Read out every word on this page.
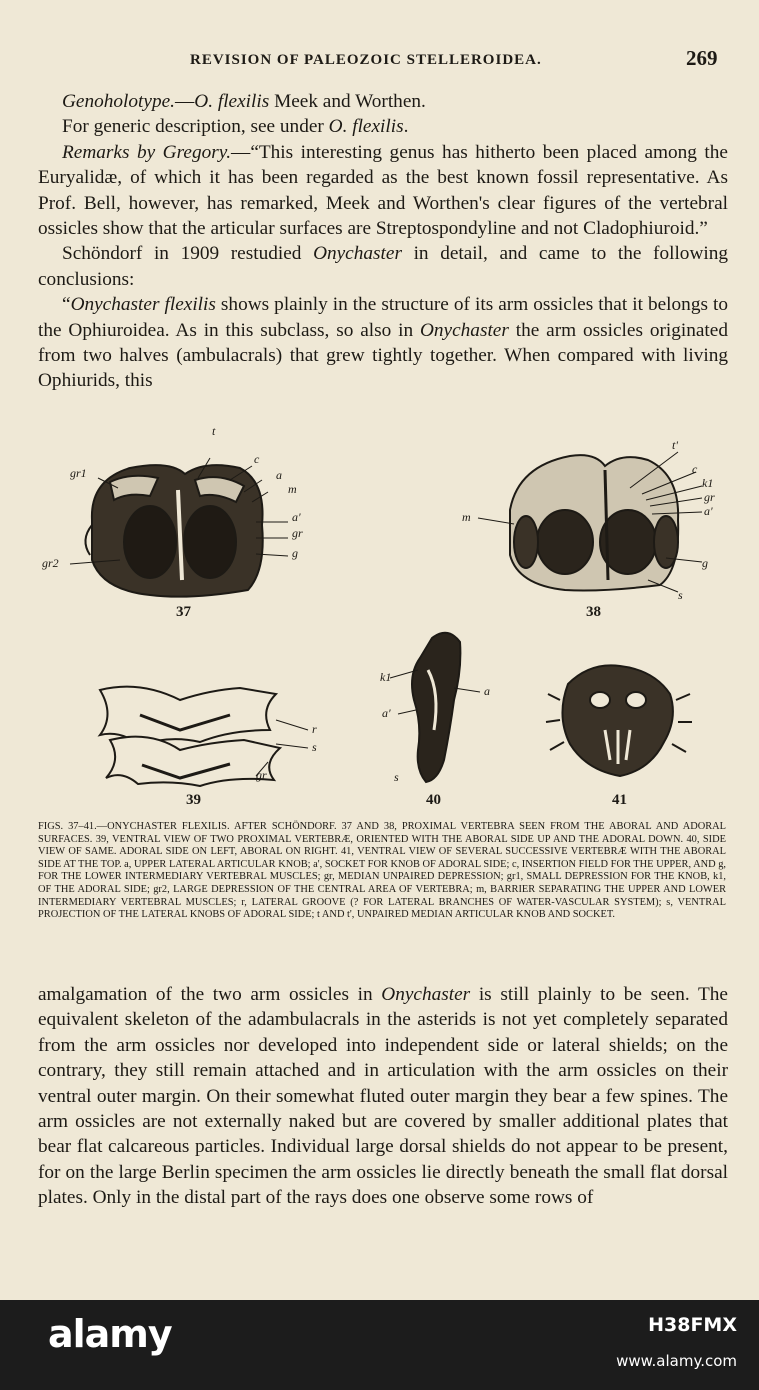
REVISION OF PALEOZOIC STELLEROIDEA.	269

Genoholotype.—O. flexilis Meek and Worthen.

For generic description, see under O. flexilis.

Remarks by Gregory.—“This interesting genus has hitherto been placed among the Euryalidæ, of which it has been regarded as the best known fossil representative. As Prof. Bell, however, has remarked, Meek and Worthen's clear figures of the vertebral ossicles show that the articular surfaces are Streptospondyline and not Cladophiuroid.”

Schöndorf in 1909 restudied Onychaster in detail, and came to the following conclusions:

“Onychaster flexilis shows plainly in the structure of its arm ossicles that it belongs to the Ophiuroidea. As in this subclass, so also in Onychaster the arm ossicles originated from two halves (ambulacrals) that grew tightly together. When compared with living Ophiurids, this

t
gr1
c
a
m
a'
gr
g
gr2
37
t'
c
k1
gr
a'
m
g
s
38
r
s
gr
39
k1
a
a'
s
40	41
FIGS. 37–41.—ONYCHASTER FLEXILIS. AFTER SCHÖNDORF. 37 AND 38, PROXIMAL VERTEBRA SEEN FROM THE ABORAL AND ADORAL SURFACES. 39, VENTRAL VIEW OF TWO PROXIMAL VERTEBRÆ, ORIENTED WITH THE ABORAL SIDE UP AND THE ADORAL DOWN. 40, SIDE VIEW OF SAME. ADORAL SIDE ON LEFT, ABORAL ON RIGHT. 41, VENTRAL VIEW OF SEVERAL SUCCESSIVE VERTEBRÆ WITH THE ABORAL SIDE AT THE TOP. a, UPPER LATERAL ARTICULAR KNOB; a', SOCKET FOR KNOB OF ADORAL SIDE; c, INSERTION FIELD FOR THE UPPER, AND g, FOR THE LOWER INTERMEDIARY VERTEBRAL MUSCLES; gr, MEDIAN UNPAIRED DEPRESSION; gr1, SMALL DEPRESSION FOR THE KNOB, k1, OF THE ADORAL SIDE; gr2, LARGE DEPRESSION OF THE CENTRAL AREA OF VERTEBRA; m, BARRIER SEPARATING THE UPPER AND LOWER INTERMEDIARY VERTEBRAL MUSCLES; r, LATERAL GROOVE (? FOR LATERAL BRANCHES OF WATER-VASCULAR SYSTEM); s, VENTRAL PROJECTION OF THE LATERAL KNOBS OF ADORAL SIDE; t AND t', UNPAIRED MEDIAN ARTICULAR KNOB AND SOCKET.

amalgamation of the two arm ossicles in Onychaster is still plainly to be seen. The equivalent skeleton of the adambulacrals in the asterids is not yet completely separated from the arm ossicles nor developed into independent side or lateral shields; on the contrary, they still remain attached and in articulation with the arm ossicles on their ventral outer margin. On their somewhat fluted outer margin they bear a few spines. The arm ossicles are not externally naked but are covered by smaller additional plates that bear flat calcareous particles. Individual large dorsal shields do not appear to be present, for on the large Berlin specimen the arm ossicles lie directly beneath the small flat dorsal plates. Only in the distal part of the rays does one observe some rows of

alamy	H38FMX
www.alamy.com
